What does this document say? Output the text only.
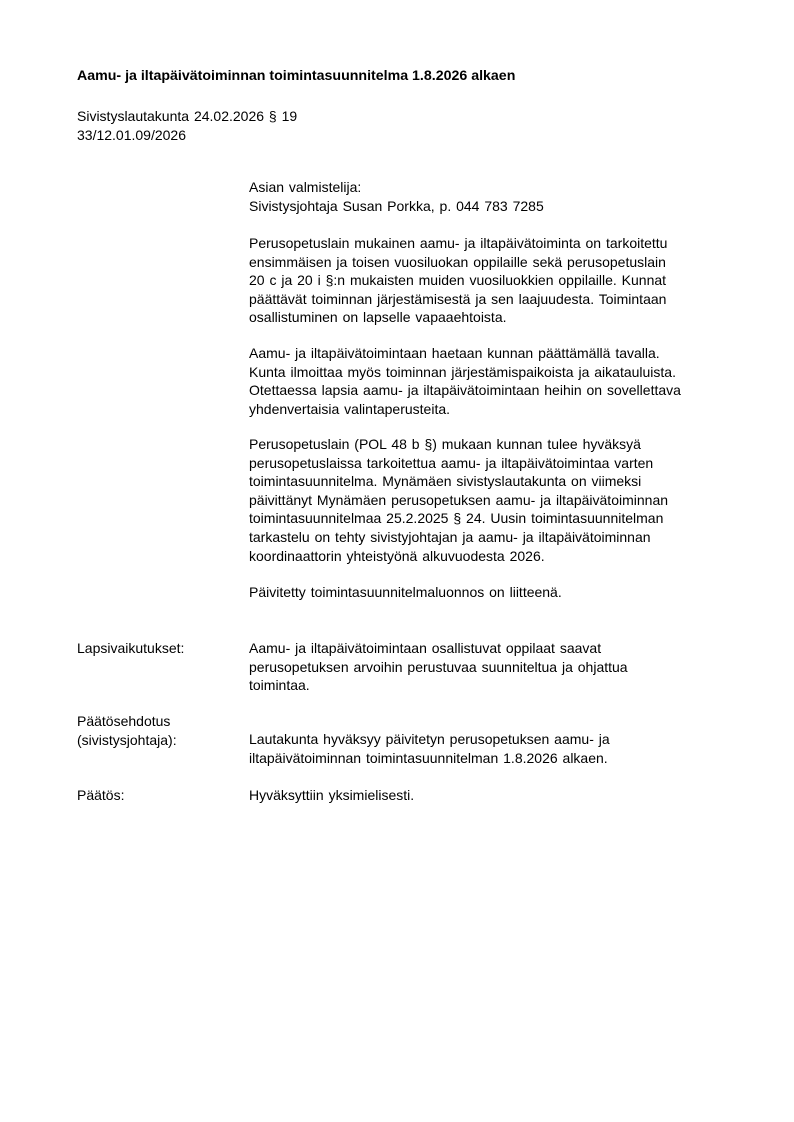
Aamu- ja iltapäivätoiminnan toimintasuunnitelma 1.8.2026 alkaen
Sivistyslautakunta 24.02.2026 § 19
33/12.01.09/2026
Asian valmistelija:
Sivistysjohtaja Susan Porkka, p. 044 783 7285
Perusopetuslain mukainen aamu- ja iltapäivätoiminta on tarkoitettu
ensimmäisen ja toisen vuosiluokan oppilaille sekä perusopetuslain
20 c ja 20 i §:n mukaisten muiden vuosiluokkien oppilaille. Kunnat
päättävät toiminnan järjestämisestä ja sen laajuudesta. Toimintaan
osallistuminen on lapselle vapaaehtoista.
Aamu- ja iltapäivätoimintaan haetaan kunnan päättämällä tavalla.
Kunta ilmoittaa myös toiminnan järjestämispaikoista ja aikatauluista.
Otettaessa lapsia aamu- ja iltapäivätoimintaan heihin on sovellettava
yhdenvertaisia valintaperusteita.
Perusopetuslain (POL 48 b §) mukaan kunnan tulee hyväksyä
perusopetuslaissa tarkoitettua aamu- ja iltapäivätoimintaa varten
toimintasuunnitelma. Mynämäen sivistyslautakunta on viimeksi
päivittänyt Mynämäen perusopetuksen aamu- ja iltapäivätoiminnan
toimintasuunnitelmaa 25.2.2025 § 24. Uusin toimintasuunnitelman
tarkastelu on tehty sivistyjohtajan ja aamu- ja iltapäivätoiminnan
koordinaattorin yhteistyönä alkuvuodesta 2026.
Päivitetty toimintasuunnitelmaluonnos on liitteenä.
Lapsivaikutukset:	Aamu- ja iltapäivätoimintaan osallistuvat oppilaat saavat
perusopetuksen arvoihin perustuvaa suunniteltua ja ohjattua
toimintaa.
Päätösehdotus
(sivistysjohtaja):	Lautakunta hyväksyy päivitetyn perusopetuksen aamu- ja
iltapäivätoiminnan toimintasuunnitelman 1.8.2026 alkaen.
Päätös:	Hyväksyttiin yksimielisesti.
